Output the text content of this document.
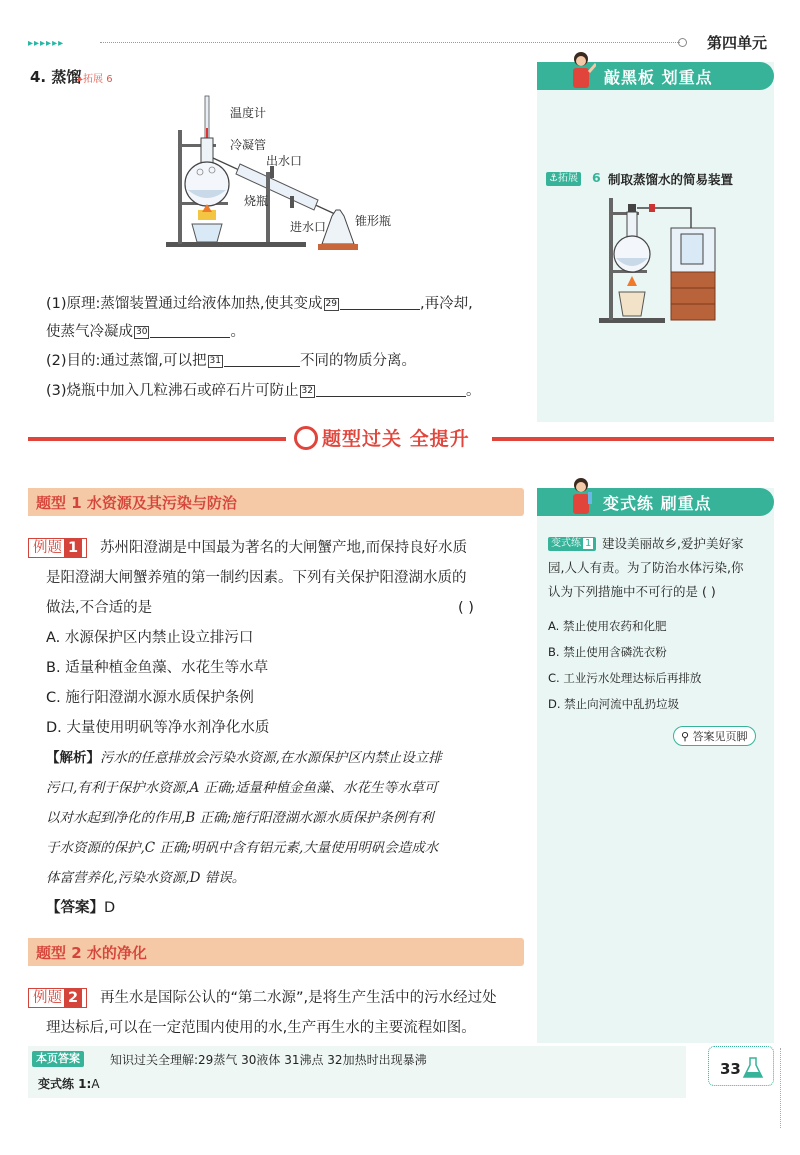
▸▸▸▸▸▸	第四单元
4. 蒸馏
▸拓展 6
温度计
冷凝管
出水口
烧瓶
进水口 锥形瓶
(1)原理:蒸馏装置通过给液体加热,使其变成 29	,再冷却,
使蒸气冷凝成 30	。
(2)目的:通过蒸馏,可以把 31	不同的物质分离。
(3)烧瓶中加入几粒沸石或碎石片可防止 32	。
敲黑板 划重点
⚓拓展 6 制取蒸馏水的简易装置
题型过关 全提升
题型 1 水资源及其污染与防治
例题 1	苏州阳澄湖是中国最为著名的大闸蟹产地,而保持良好水质
是阳澄湖大闸蟹养殖的第一制约因素。下列有关保护阳澄湖水质的
做法,不合适的是	( )
A. 水源保护区内禁止设立排污口
B. 适量种植金鱼藻、水花生等水草
C. 施行阳澄湖水源水质保护条例
D. 大量使用明矾等净水剂净化水质
【解析】污水的任意排放会污染水资源,在水源保护区内禁止设立排
污口,有利于保护水资源,A 正确;适量种植金鱼藻、水花生等水草可
以对水起到净化的作用,B 正确;施行阳澄湖水源水质保护条例有利
于水资源的保护,C 正确;明矾中含有铝元素,大量使用明矾会造成水
体富营养化,污染水资源,D 错误。
【答案】D
题型 2 水的净化
例题 2	再生水是国际公认的“第二水源”,是将生产生活中的污水经过处
理达标后,可以在一定范围内使用的水,生产再生水的主要流程如图。
变式练 刷重点
变式练 1 建设美丽故乡,爱护美好家
园,人人有责。为了防治水体污染,你
认为下列措施中不可行的是 ( )
A. 禁止使用农药和化肥
B. 禁止使用含磷洗衣粉
C. 工业污水处理达标后再排放
D. 禁止向河流中乱扔垃圾
⚲ 答案见页脚
本页答案	知识过关全理解:29蒸气 30液体 31沸点 32加热时出现暴沸
变式练 1:A
33
